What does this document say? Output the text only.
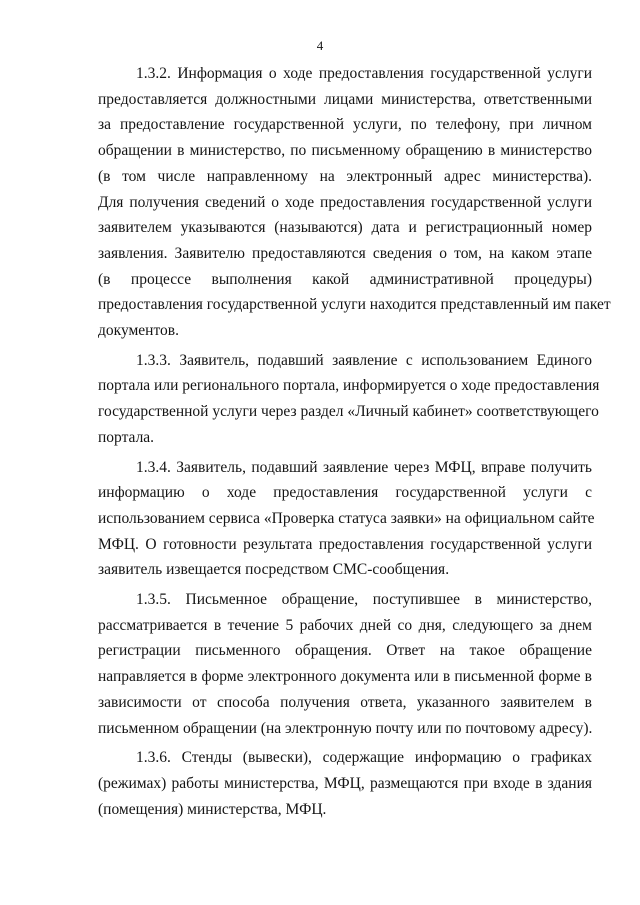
4

1.3.2. Информация о ходе предоставления государственной услуги
предоставляется должностными лицами министерства, ответственными
за предоставление государственной услуги, по телефону, при личном
обращении в министерство, по письменному обращению в министерство
(в том числе направленному на электронный адрес министерства).
Для получения сведений о ходе предоставления государственной услуги
заявителем указываются (называются) дата и регистрационный номер
заявления. Заявителю предоставляются сведения о том, на каком этапе
(в процессе выполнения какой административной процедуры)
предоставления государственной услуги находится представленный им пакет
документов.

1.3.3. Заявитель, подавший заявление с использованием Единого
портала или регионального портала, информируется о ходе предоставления
государственной услуги через раздел «Личный кабинет» соответствующего
портала.

1.3.4. Заявитель, подавший заявление через МФЦ, вправе получить
информацию о ходе предоставления государственной услуги с
использованием сервиса «Проверка статуса заявки» на официальном сайте
МФЦ. О готовности результата предоставления государственной услуги
заявитель извещается посредством СМС-сообщения.

1.3.5. Письменное обращение, поступившее в министерство,
рассматривается в течение 5 рабочих дней со дня, следующего за днем
регистрации письменного обращения. Ответ на такое обращение
направляется в форме электронного документа или в письменной форме в
зависимости от способа получения ответа, указанного заявителем в
письменном обращении (на электронную почту или по почтовому адресу).

1.3.6. Стенды (вывески), содержащие информацию о графиках
(режимах) работы министерства, МФЦ, размещаются при входе в здания
(помещения) министерства, МФЦ.
